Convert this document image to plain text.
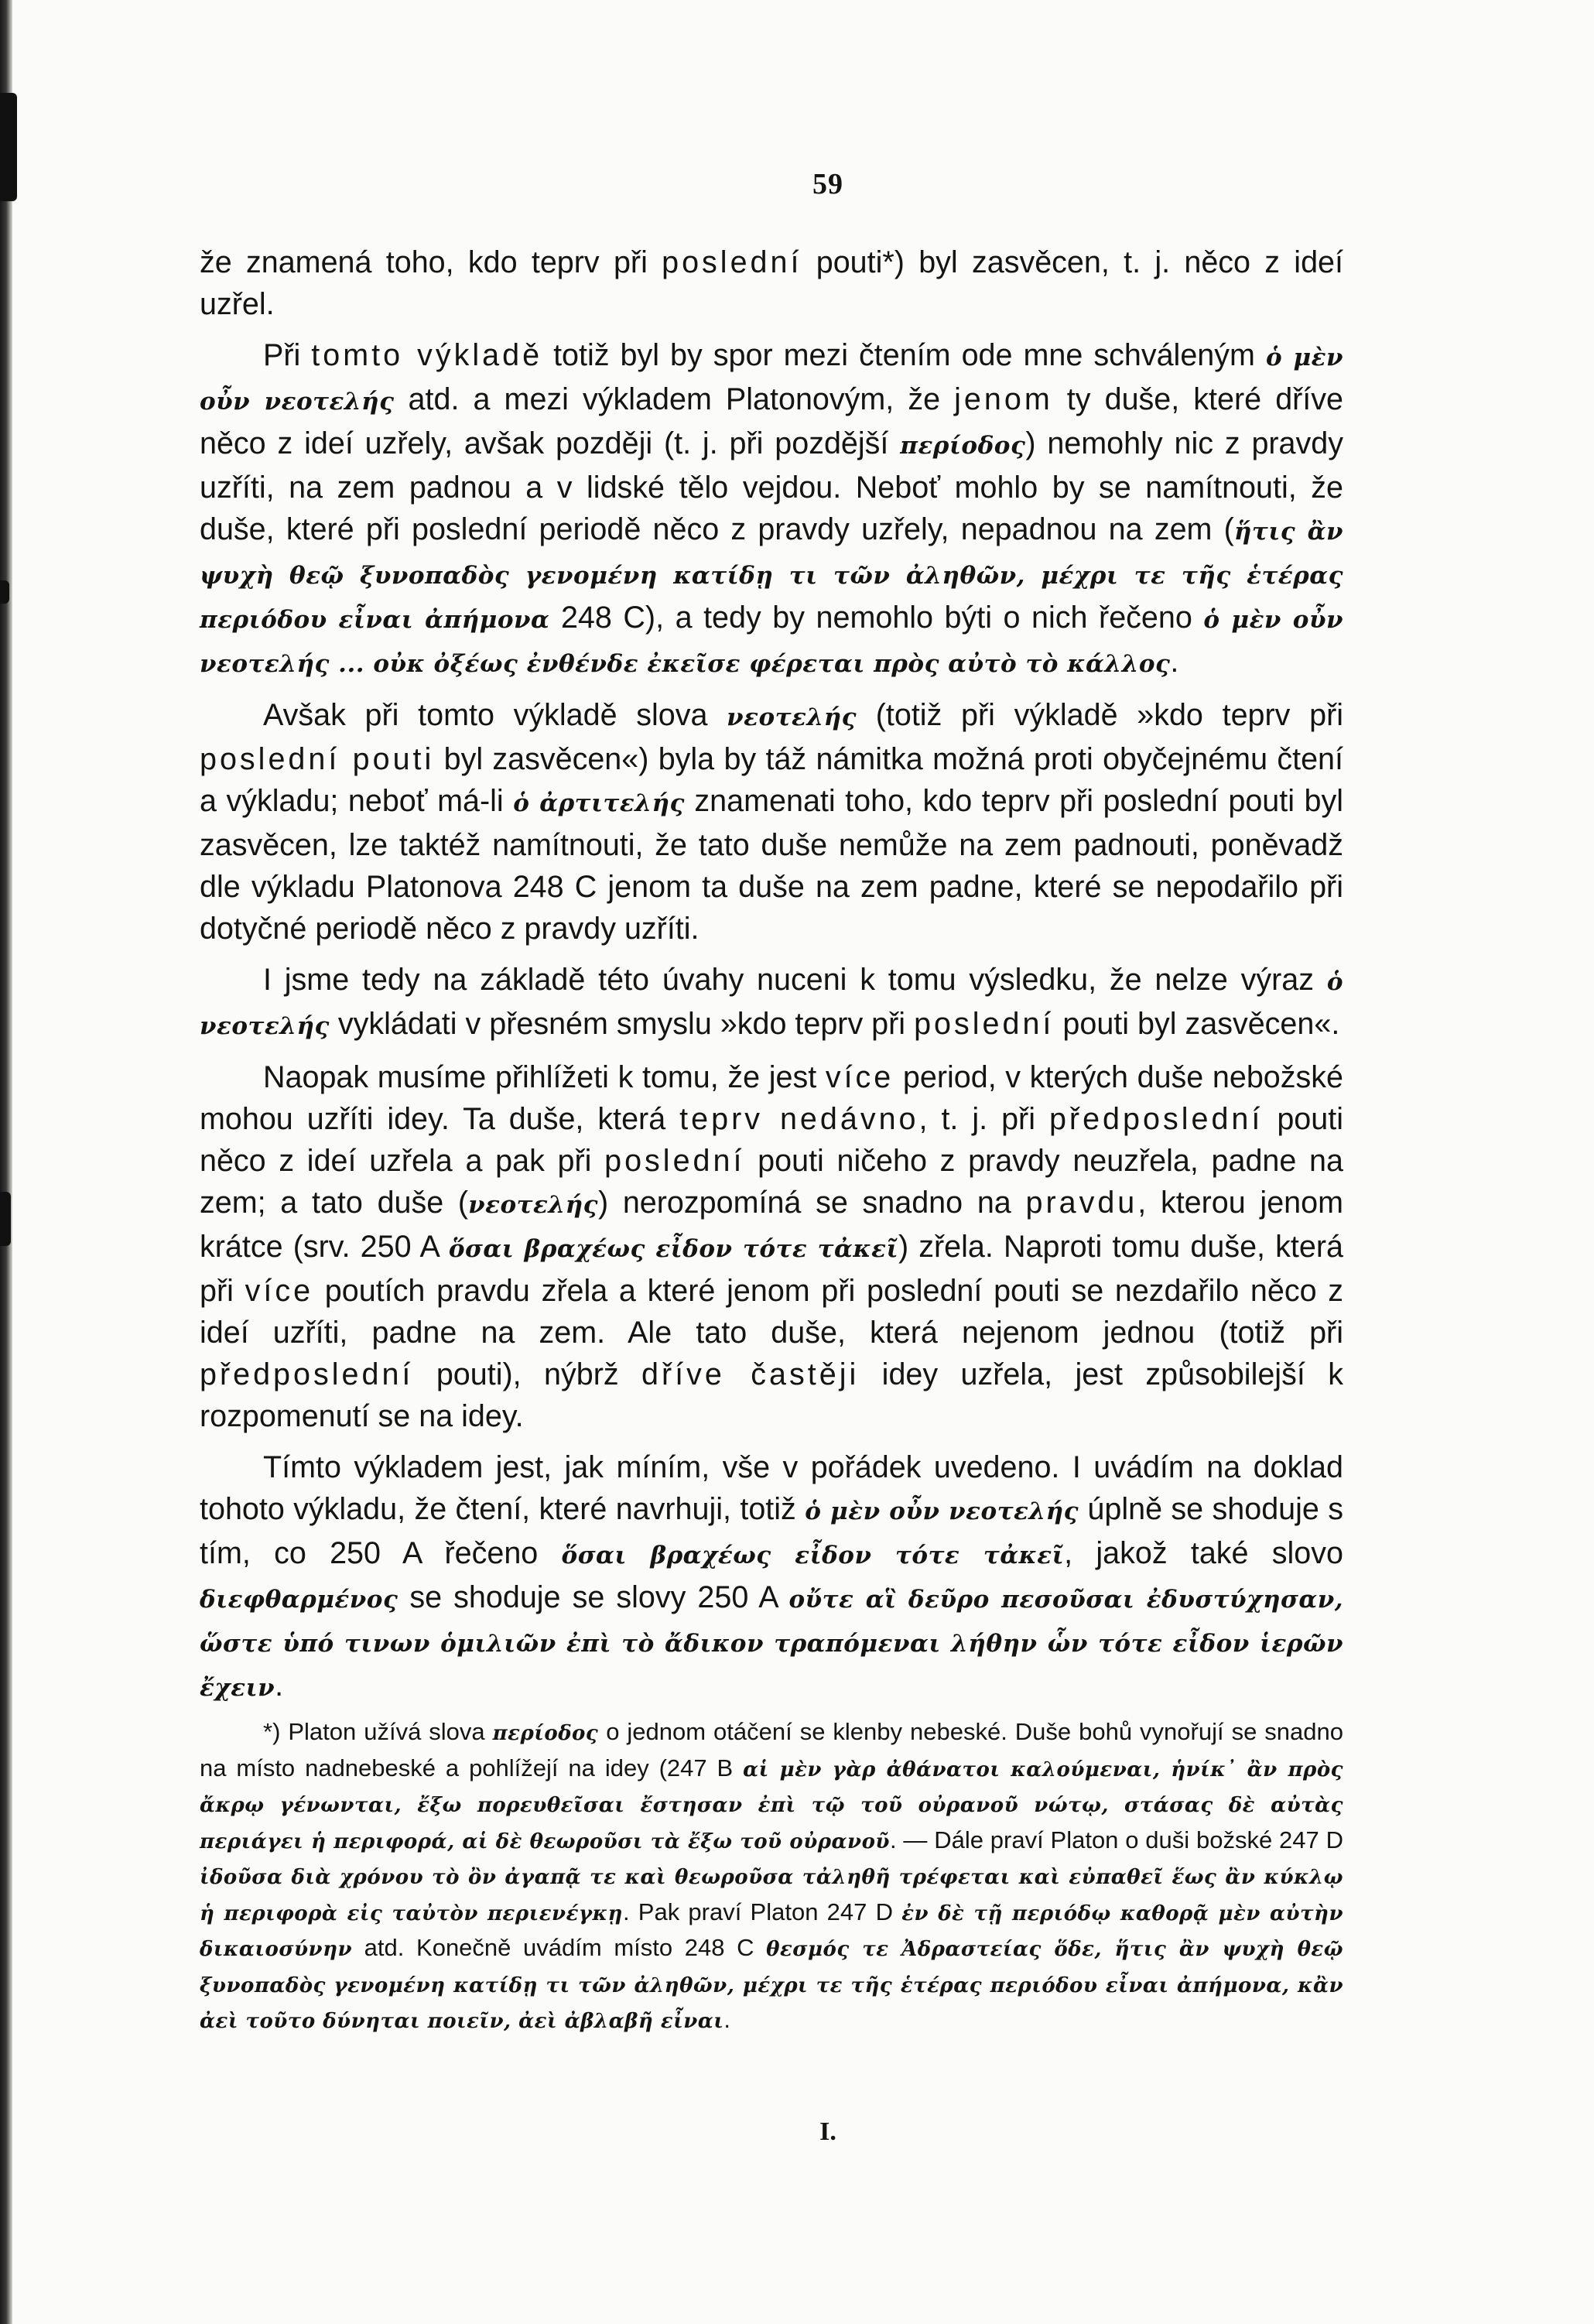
59

že znamená toho, kdo teprv při poslední pouti*) byl zasvěcen, t. j. něco z ideí uzřel.

Při tomto výkladě totiž byl by spor mezi čtením ode mne schváleným ὁ μὲν οὖν νεοτελής atd. a mezi výkladem Platonovým, že jenom ty duše, které dříve něco z ideí uzřely, avšak později (t. j. při pozdější περίοδος) nemohly nic z pravdy uzříti, na zem padnou a v lidské tělo vejdou. Neboť mohlo by se namítnouti, že duše, které při poslední periodě něco z pravdy uzřely, nepadnou na zem (ἥτις ἂν ψυχὴ θεῷ ξυνοπαδὸς γενομένη κατίδῃ τι τῶν ἀληθῶν, μέχρι τε τῆς ἑτέρας περιόδου εἶναι ἀπήμονα 248 C), a tedy by nemohlo býti o nich řečeno ὁ μὲν οὖν νεοτελής ... οὐκ ὀξέως ἐνθένδε ἐκεῖσε φέρεται πρὸς αὐτὸ τὸ κάλλος.

Avšak při tomto výkladě slova νεοτελής (totiž při výkladě »kdo teprv při poslední pouti byl zasvěcen«) byla by táž námitka možná proti obyčejnému čtení a výkladu; neboť má-li ὁ ἀρτιτελής znamenati toho, kdo teprv při poslední pouti byl zasvěcen, lze taktéž namítnouti, že tato duše nemůže na zem padnouti, poněvadž dle výkladu Platonova 248 C jenom ta duše na zem padne, které se nepodařilo při dotyčné periodě něco z pravdy uzříti.

I jsme tedy na základě této úvahy nuceni k tomu výsledku, že nelze výraz ὁ νεοτελής vykládati v přesném smyslu »kdo teprv při poslední pouti byl zasvěcen«.

Naopak musíme přihlížeti k tomu, že jest více period, v kterých duše nebožské mohou uzříti idey. Ta duše, která teprv nedávno, t. j. při předposlední pouti něco z ideí uzřela a pak při poslední pouti ničeho z pravdy neuzřela, padne na zem; a tato duše (νεοτελής) nerozpomíná se snadno na pravdu, kterou jenom krátce (srv. 250 A ὅσαι βραχέως εἶδον τότε τἀκεῖ) zřela. Naproti tomu duše, která při více poutích pravdu zřela a které jenom při poslední pouti se nezdařilo něco z ideí uzříti, padne na zem. Ale tato duše, která nejenom jednou (totiž při předposlední pouti), nýbrž dříve častěji idey uzřela, jest způsobilejší k rozpomenutí se na idey.

Tímto výkladem jest, jak míním, vše v pořádek uvedeno. I uvádím na doklad tohoto výkladu, že čtení, které navrhuji, totiž ὁ μὲν οὖν νεοτελής úplně se shoduje s tím, co 250 A řečeno ὅσαι βραχέως εἶδον τότε τἀκεῖ, jakož také slovo διεφθαρμένος se shoduje se slovy 250 A οὔτε αἳ δεῦρο πεσοῦσαι ἐδυστύχησαν, ὥστε ὑπό τινων ὁμιλιῶν ἐπὶ τὸ ἄδικον τραπόμεναι λήθην ὧν τότε εἶδον ἱερῶν ἔχειν.

*) Platon užívá slova περίοδος o jednom otáčení se klenby nebeské. Duše bohů vynořují se snadno na místo nadnebeské a pohlížejí na idey (247 B αἱ μὲν γὰρ ἀθάνατοι καλούμεναι, ἡνίκ᾽ ἂν πρὸς ἄκρῳ γένωνται, ἔξω πορευθεῖσαι ἔστησαν ἐπὶ τῷ τοῦ οὐρανοῦ νώτῳ, στάσας δὲ αὐτὰς περιάγει ἡ περιφορά, αἱ δὲ θεωροῦσι τὰ ἔξω τοῦ οὐρανοῦ. — Dále praví Platon o duši božské 247 D ἰδοῦσα διὰ χρόνου τὸ ὂν ἀγαπᾷ τε καὶ θεωροῦσα τἀληθῆ τρέφεται καὶ εὐπαθεῖ ἕως ἂν κύκλῳ ἡ περιφορὰ εἰς ταὐτὸν περιενέγκῃ. Pak praví Platon 247 D ἐν δὲ τῇ περιόδῳ καθορᾷ μὲν αὐτὴν δικαιοσύνην atd. Konečně uvádím místo 248 C θεσμός τε Ἀδραστείας ὅδε, ἥτις ἂν ψυχὴ θεῷ ξυνοπαδὸς γενομένη κατίδῃ τι τῶν ἀληθῶν, μέχρι τε τῆς ἑτέρας περιόδου εἶναι ἀπήμονα, κἂν ἀεὶ τοῦτο δύνηται ποιεῖν, ἀεὶ ἀβλαβῆ εἶναι.

I.
